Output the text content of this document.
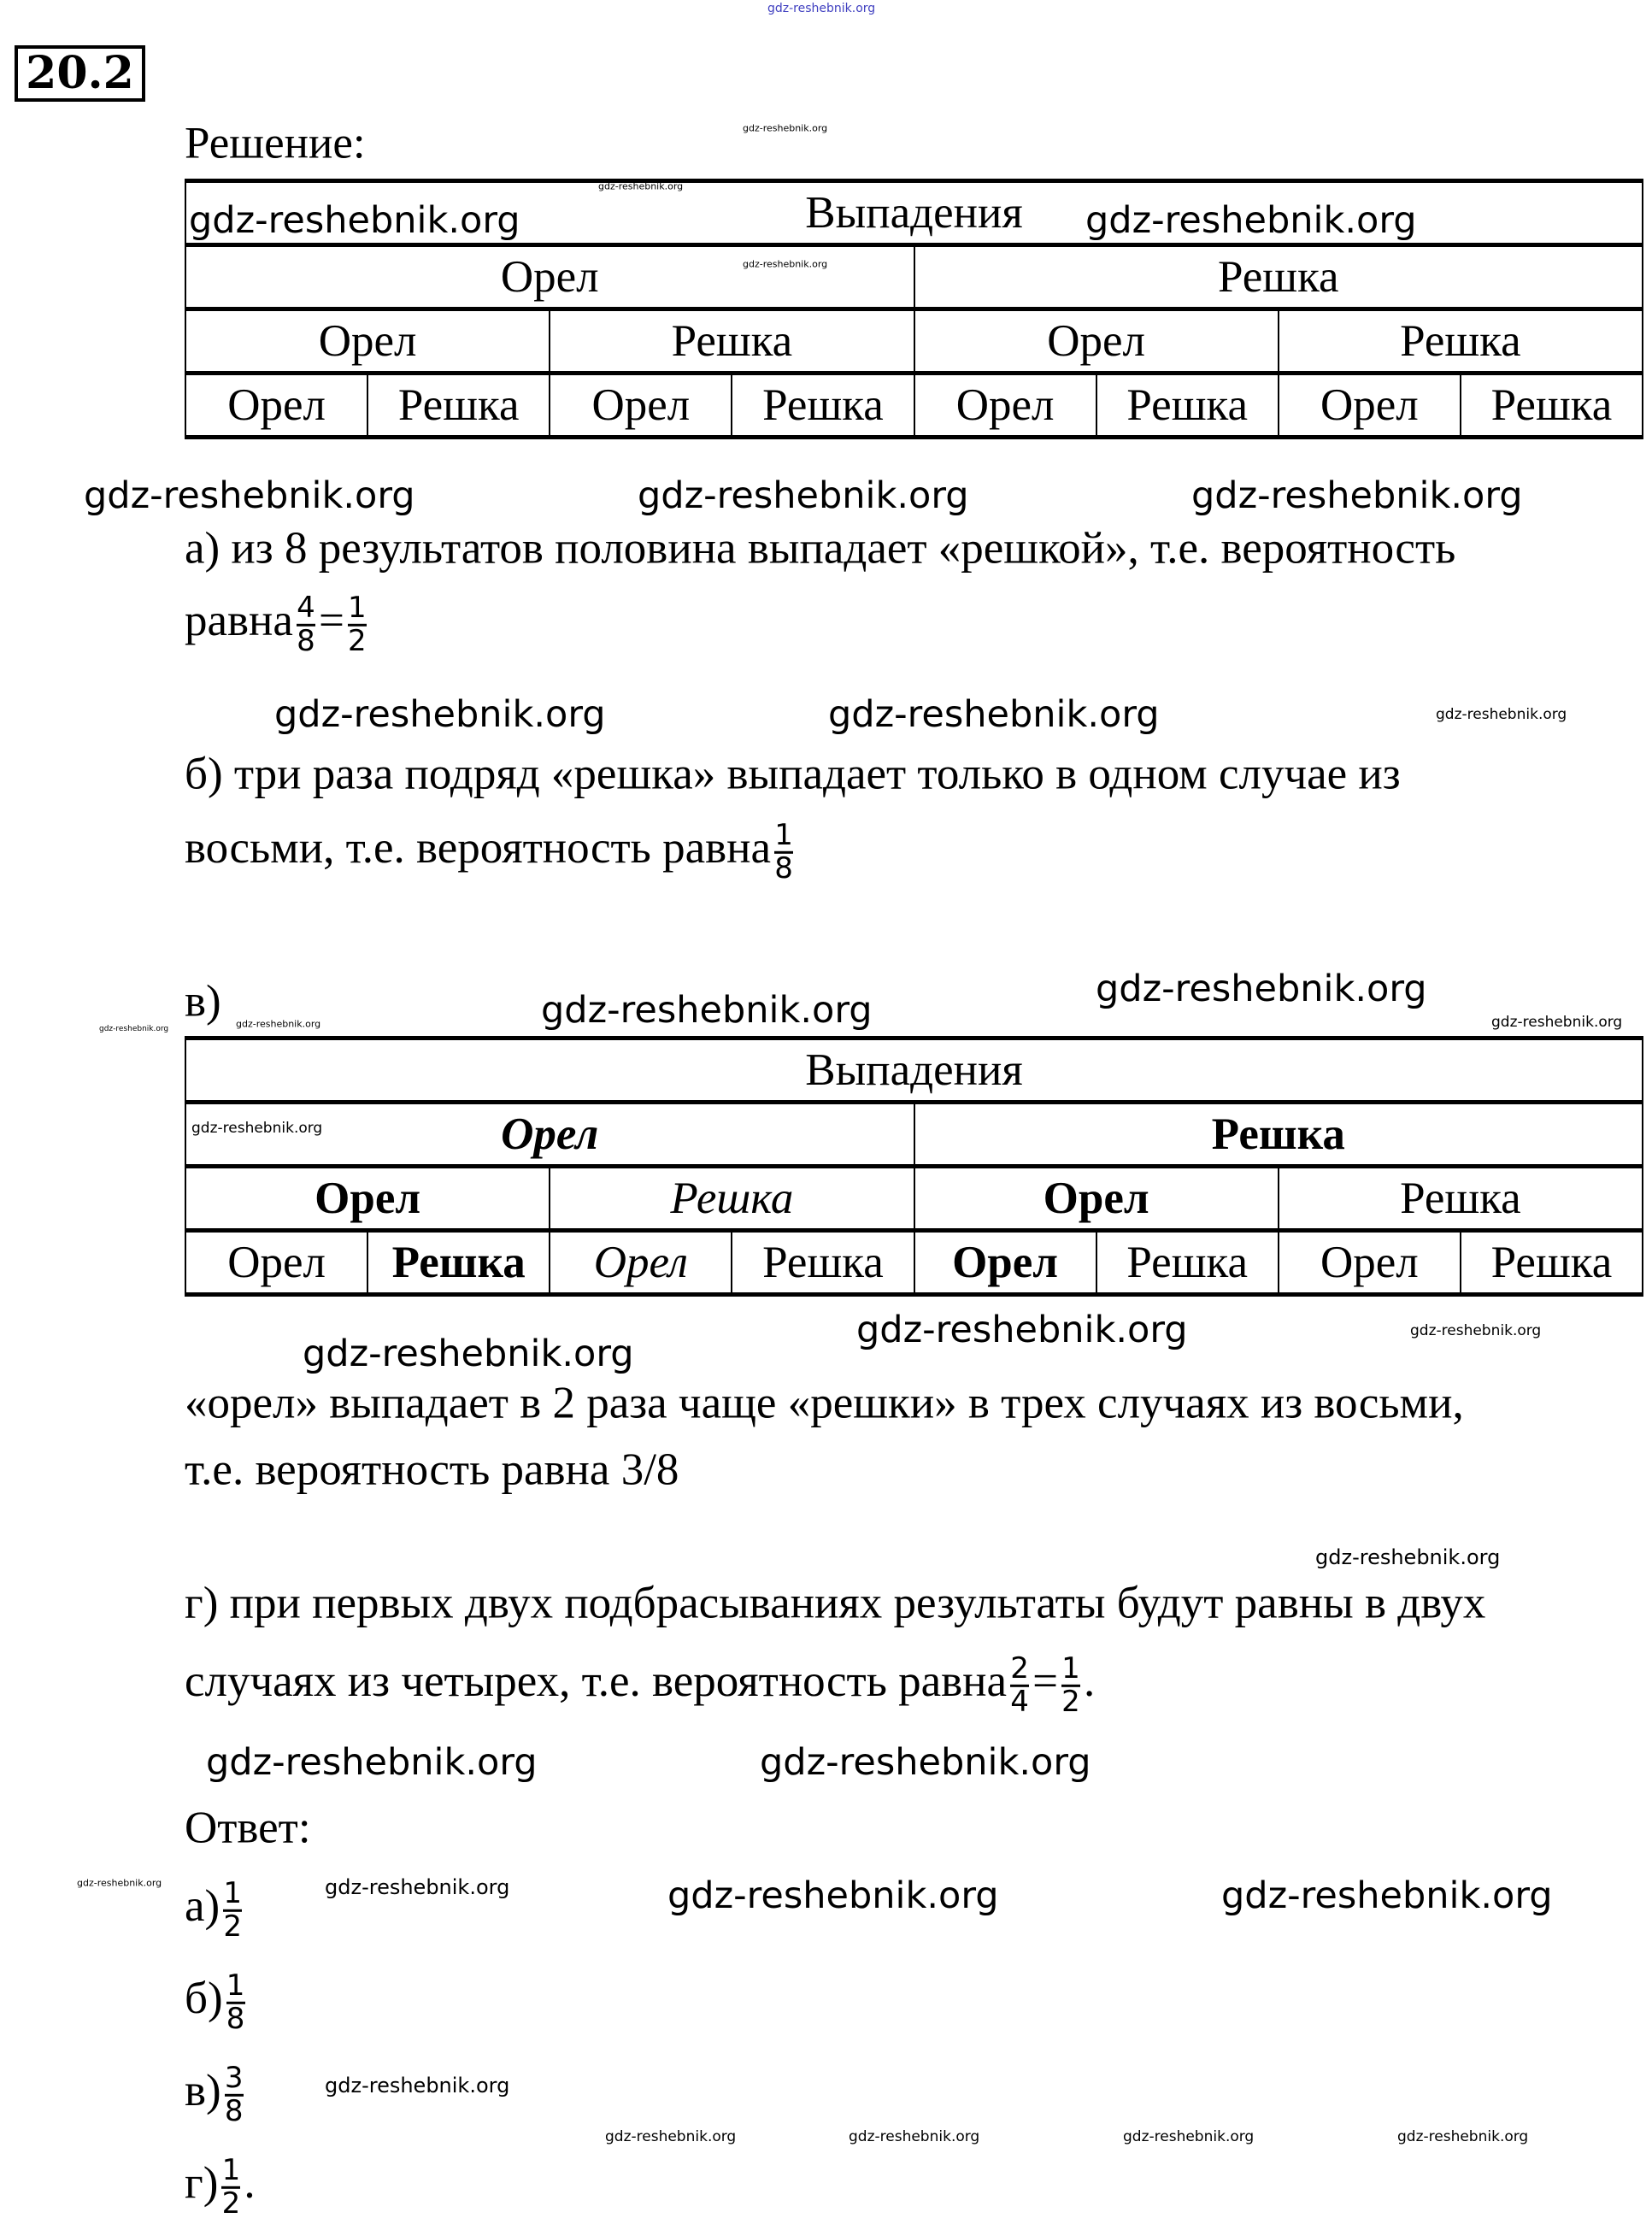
gdz-reshebnik.org
20.2
Решение:
Выпадения							
Орел				Решка			
Орел		Решка		Орел		Решка	
Орел	Решка	Орел	Решка	Орел	Решка	Орел	Решка
а) из 8 результатов половина выпадает «решкой», т.е. вероятность
равна $\frac{4}{8} = \frac{1}{2}$
б) три раза подряд «решка» выпадает только в одном случае из
восьми, т.е. вероятность равна $\frac{1}{8}$
в)
Выпадения							
Орел				Решка			
Орел		Решка		Орел		Решка	
Орел	Решка	Орел	Решка	Орел	Решка	Орел	Решка
«орел» выпадает в 2 раза чаще «решки» в трех случаях из восьми,
т.е. вероятность равна 3/8
г) при первых двух подбрасываниях результаты будут равны в двух
случаях из четырех, т.е. вероятность равна $\frac{2}{4} = \frac{1}{2}$ .
Ответ:
$а) \frac{1}{2}$
$б) \frac{1}{8}$
$в) \frac{3}{8}$
$г) \frac{1}{2}$ .
gdz-reshebnik.org
gdz-reshebnik.org
gdz-reshebnik.org
gdz-reshebnik.org	gdz-reshebnik.org
gdz-reshebnik.org	gdz-reshebnik.org	gdz-reshebnik.org
gdz-reshebnik.org	gdz-reshebnik.org	gdz-reshebnik.org
gdz-reshebnik.org	gdz-reshebnik.org
gdz-reshebnik.org
gdz-reshebnik.org
gdz-reshebnik.org
gdz-reshebnik.org
gdz-reshebnik.org	gdz-reshebnik.org
gdz-reshebnik.org
gdz-reshebnik.org
gdz-reshebnik.org	gdz-reshebnik.org
gdz-reshebnik.org	gdz-reshebnik.org	gdz-reshebnik.org	gdz-reshebnik.org
gdz-reshebnik.org
gdz-reshebnik.org	gdz-reshebnik.org	gdz-reshebnik.org	gdz-reshebnik.org
